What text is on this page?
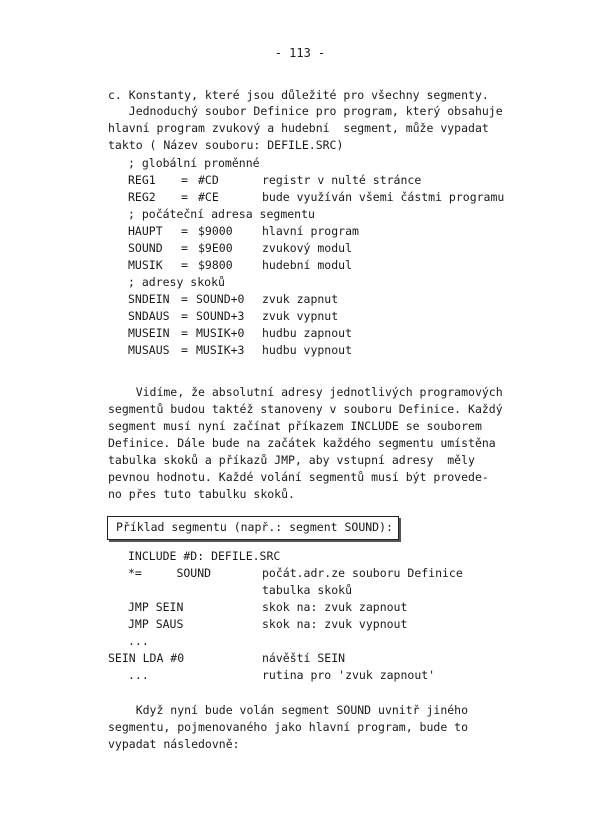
- 113 -
c. Konstanty, které jsou důležité pro všechny segmenty.
Jednoduchý soubor Definice pro program, který obsahuje
hlavní program zvukový a hudební  segment, může vypadat
takto ( Název souboru: DEFILE.SRC)
; globální proměnné
REG1 = #CD	registr v nulté stránce
REG2 = #CE	bude využíván všemi částmi programu
; počáteční adresa segmentu
HAUPT = $9000	hlavní program
SOUND = $9E00	zvukový modul
MUSIK = $9800	hudební modul
; adresy skoků
SNDEIN = SOUND+0 zvuk zapnut
SNDAUS = SOUND+3 zvuk vypnut
MUSEIN = MUSIK+0 hudbu zapnout
MUSAUS = MUSIK+3 hudbu vypnout
Vidíme, že absolutní adresy jednotlivých programových
segmentů budou taktéž stanoveny v souboru Definice. Každý
segment musí nyní začínat příkazem INCLUDE se souborem
Definice. Dále bude na začátek každého segmentu umístěna
tabulka skoků a příkazů JMP, aby vstupní adresy  měly
pevnou hodnotu. Každé volání segmentů musí být provede-
no přes tuto tabulku skoků.
Příklad segmentu (např.: segment SOUND):
INCLUDE #D: DEFILE.SRC
*=     SOUND	počát.adr.ze souboru Definice
tabulka skoků
JMP SEIN	skok na: zvuk zapnout
JMP SAUS	skok na: zvuk vypnout
...
SEIN LDA #0	návěští SEIN
...	rutina pro 'zvuk zapnout'
Když nyní bude volán segment SOUND uvnitř jiného
segmentu, pojmenovaného jako hlavní program, bude to
vypadat následovně:
